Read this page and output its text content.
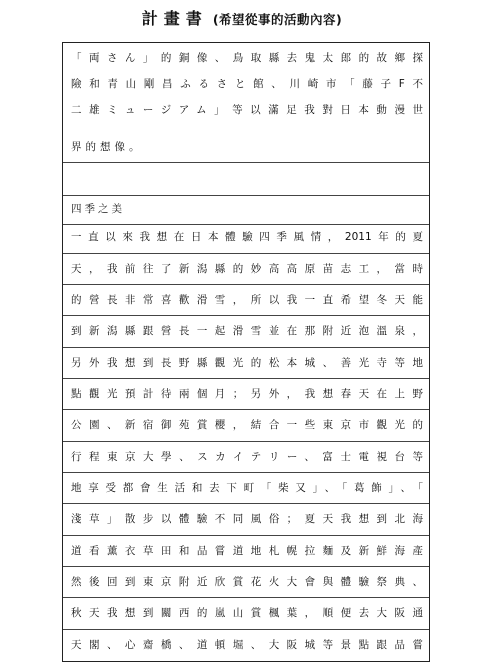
計畫書 (希望從事的活動內容)
「両さん」的銅像、鳥取縣去鬼太郎的故鄉探
險和青山剛昌ふるさと館、川崎市「藤子F不
二雄ミュージアム」等以滿足我對日本動漫世
界的想像。
四季之美
一直以來我想在日本體驗四季風情，2011年的夏
天，我前往了新潟縣的妙高高原苗志工，當時
的營長非常喜歡滑雪，所以我一直希望冬天能
到新潟縣跟營長一起滑雪並在那附近泡溫泉，
另外我想到長野縣觀光的松本城、善光寺等地
點觀光預計待兩個月；另外，我想春天在上野
公園、新宿御苑賞櫻，結合一些東京市觀光的
行程東京大學、スカイテリー、富士電視台等
地享受都會生活和去下町「柴又」、「葛飾」、「
淺草」散步以體驗不同風俗；夏天我想到北海
道看薰衣草田和品嘗道地札幌拉麵及新鮮海產
然後回到東京附近欣賞花火大會與體驗祭典、
秋天我想到關西的嵐山賞楓葉，順便去大阪通
天閣、心齋橋、道頓堀、大阪城等景點跟品嘗
